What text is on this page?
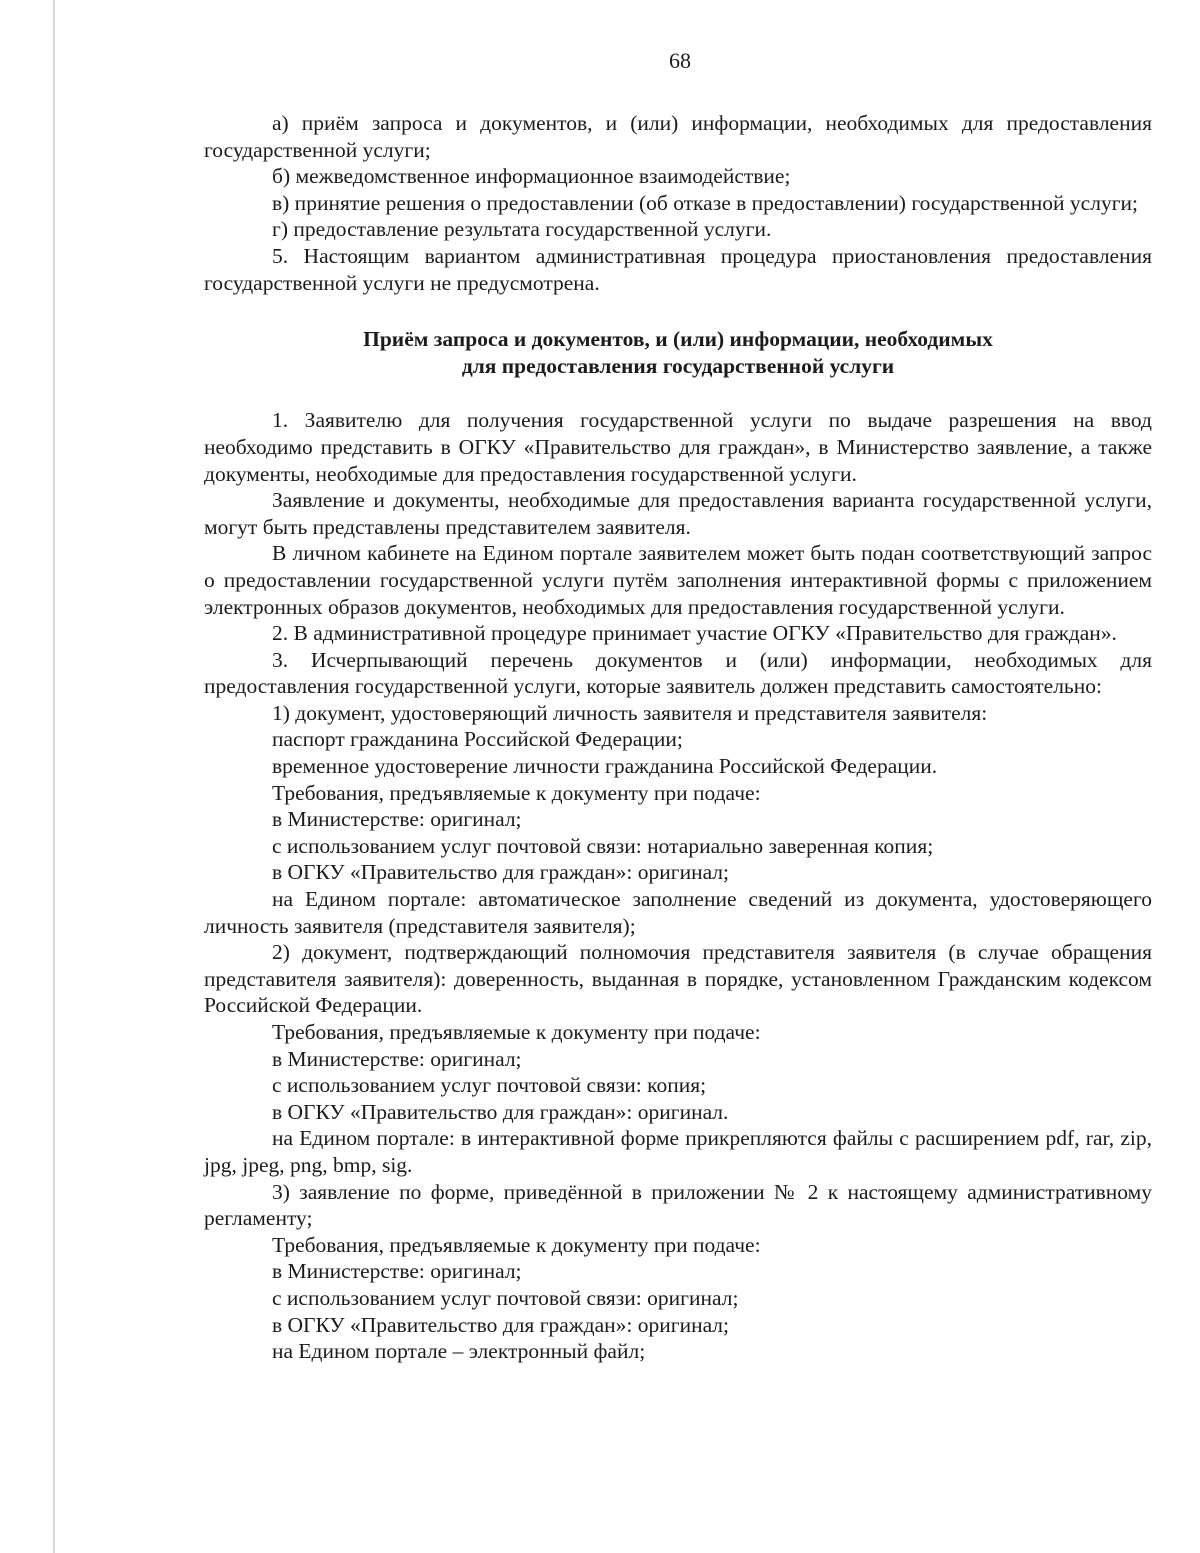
68

а) приём запроса и документов, и (или) информации, необходимых для предоставления государственной услуги;

б) межведомственное информационное взаимодействие;

в) принятие решения о предоставлении (об отказе в предоставлении) государственной услуги;

г) предоставление результата государственной услуги.

5. Настоящим вариантом административная процедура приостановления предоставления государственной услуги не предусмотрена.

Приём запроса и документов, и (или) информации, необходимых
для предоставления государственной услуги

1. Заявителю для получения государственной услуги по выдаче разрешения на ввод необходимо представить в ОГКУ «Правительство для граждан», в Министерство заявление, а также документы, необходимые для предоставления государственной услуги.

Заявление и документы, необходимые для предоставления варианта государственной услуги, могут быть представлены представителем заявителя.

В личном кабинете на Едином портале заявителем может быть подан соответствующий запрос о предоставлении государственной услуги путём заполнения интерактивной формы с приложением электронных образов документов, необходимых для предоставления государственной услуги.

2. В административной процедуре принимает участие ОГКУ «Правительство для граждан».

3. Исчерпывающий перечень документов и (или) информации, необходимых для предоставления государственной услуги, которые заявитель должен представить самостоятельно:

1) документ, удостоверяющий личность заявителя и представителя заявителя:

паспорт гражданина Российской Федерации;

временное удостоверение личности гражданина Российской Федерации.

Требования, предъявляемые к документу при подаче:

в Министерстве: оригинал;

с использованием услуг почтовой связи: нотариально заверенная копия;

в ОГКУ «Правительство для граждан»: оригинал;

на Едином портале: автоматическое заполнение сведений из документа, удостоверяющего личность заявителя (представителя заявителя);

2) документ, подтверждающий полномочия представителя заявителя (в случае обращения представителя заявителя): доверенность, выданная в порядке, установленном Гражданским кодексом Российской Федерации.

Требования, предъявляемые к документу при подаче:

в Министерстве: оригинал;

с использованием услуг почтовой связи: копия;

в ОГКУ «Правительство для граждан»: оригинал.

на Едином портале: в интерактивной форме прикрепляются файлы с расширением pdf, rar, zip, jpg, jpeg, png, bmp, sig.

3) заявление по форме, приведённой в приложении № 2 к настоящему административному регламенту;

Требования, предъявляемые к документу при подаче:

в Министерстве: оригинал;

с использованием услуг почтовой связи: оригинал;

в ОГКУ «Правительство для граждан»: оригинал;

на Едином портале – электронный файл;
